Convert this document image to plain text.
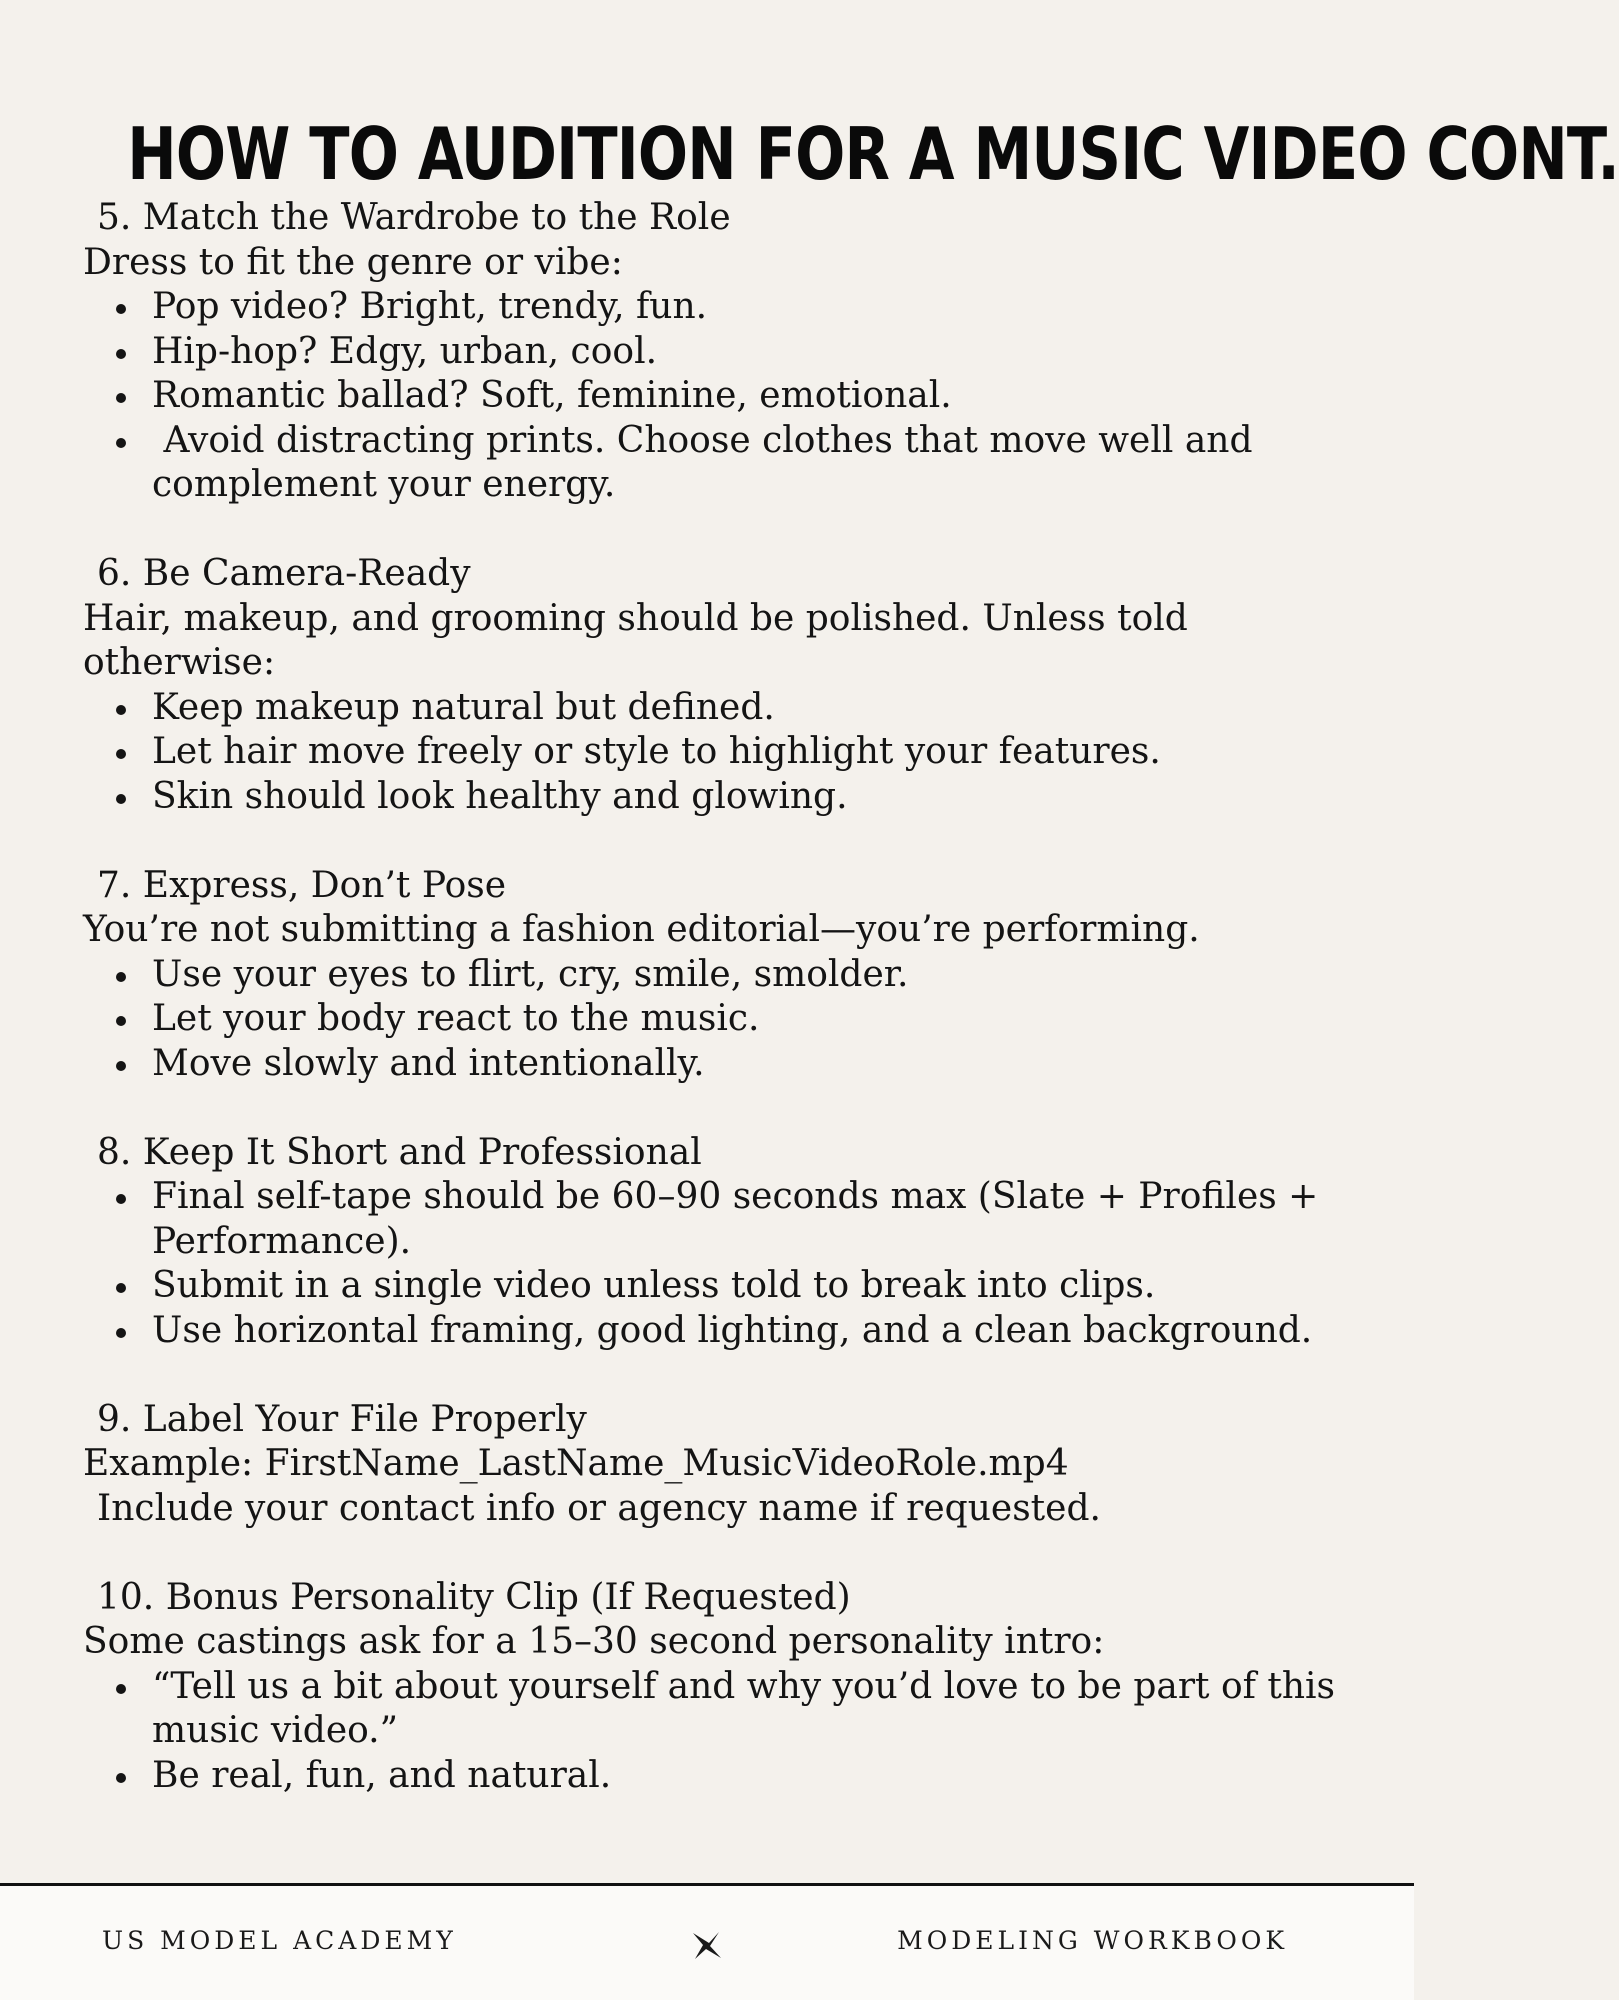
HOW TO AUDITION FOR A MUSIC VIDEO CONT.
5. Match the Wardrobe to the Role
Dress to fit the genre or vibe:
Pop video? Bright, trendy, fun.
Hip-hop? Edgy, urban, cool.
Romantic ballad? Soft, feminine, emotional.
Avoid distracting prints. Choose clothes that move well and complement your energy.
6. Be Camera-Ready
Hair, makeup, and grooming should be polished. Unless told otherwise:
Keep makeup natural but defined.
Let hair move freely or style to highlight your features.
Skin should look healthy and glowing.
7. Express, Don’t Pose
You’re not submitting a fashion editorial—you’re performing.
Use your eyes to flirt, cry, smile, smolder.
Let your body react to the music.
Move slowly and intentionally.
8. Keep It Short and Professional
Final self-tape should be 60–90 seconds max (Slate + Profiles + Performance).
Submit in a single video unless told to break into clips.
Use horizontal framing, good lighting, and a clean background.
9. Label Your File Properly
Example: FirstName_LastName_MusicVideoRole.mp4
Include your contact info or agency name if requested.
10. Bonus Personality Clip (If Requested)
Some castings ask for a 15–30 second personality intro:
“Tell us a bit about yourself and why you’d love to be part of this music video.”
Be real, fun, and natural.
US MODEL ACADEMY	MODELING WORKBOOK
